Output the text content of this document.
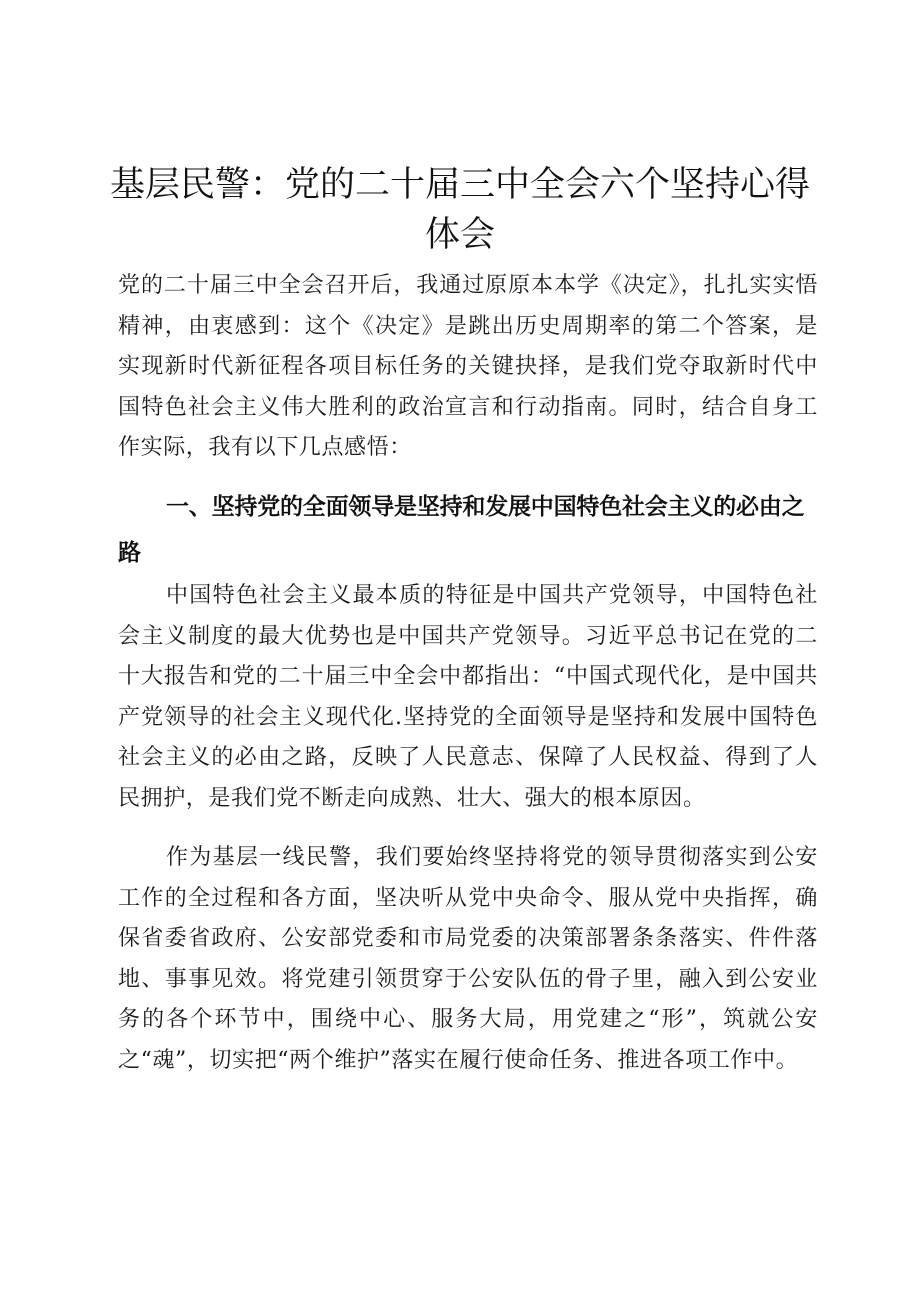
基层民警：党的二十届三中全会六个坚持心得体会

党的二十届三中全会召开后，我通过原原本本学《决定》，扎扎实实悟精神，由衷感到：这个《决定》是跳出历史周期率的第二个答案，是实现新时代新征程各项目标任务的关键抉择，是我们党夺取新时代中国特色社会主义伟大胜利的政治宣言和行动指南。同时，结合自身工作实际，我有以下几点感悟：

一、坚持党的全面领导是坚持和发展中国特色社会主义的必由之路

中国特色社会主义最本质的特征是中国共产党领导，中国特色社会主义制度的最大优势也是中国共产党领导。习近平总书记在党的二十大报告和党的二十届三中全会中都指出：“中国式现代化，是中国共产党领导的社会主义现代化.坚持党的全面领导是坚持和发展中国特色社会主义的必由之路，反映了人民意志、保障了人民权益、得到了人民拥护，是我们党不断走向成熟、壮大、强大的根本原因。

作为基层一线民警，我们要始终坚持将党的领导贯彻落实到公安工作的全过程和各方面，坚决听从党中央命令、服从党中央指挥，确保省委省政府、公安部党委和市局党委的决策部署条条落实、件件落地、事事见效。将党建引领贯穿于公安队伍的骨子里，融入到公安业务的各个环节中，围绕中心、服务大局，用党建之“形”，筑就公安之“魂”，切实把“两个维护”落实在履行使命任务、推进各项工作中。
